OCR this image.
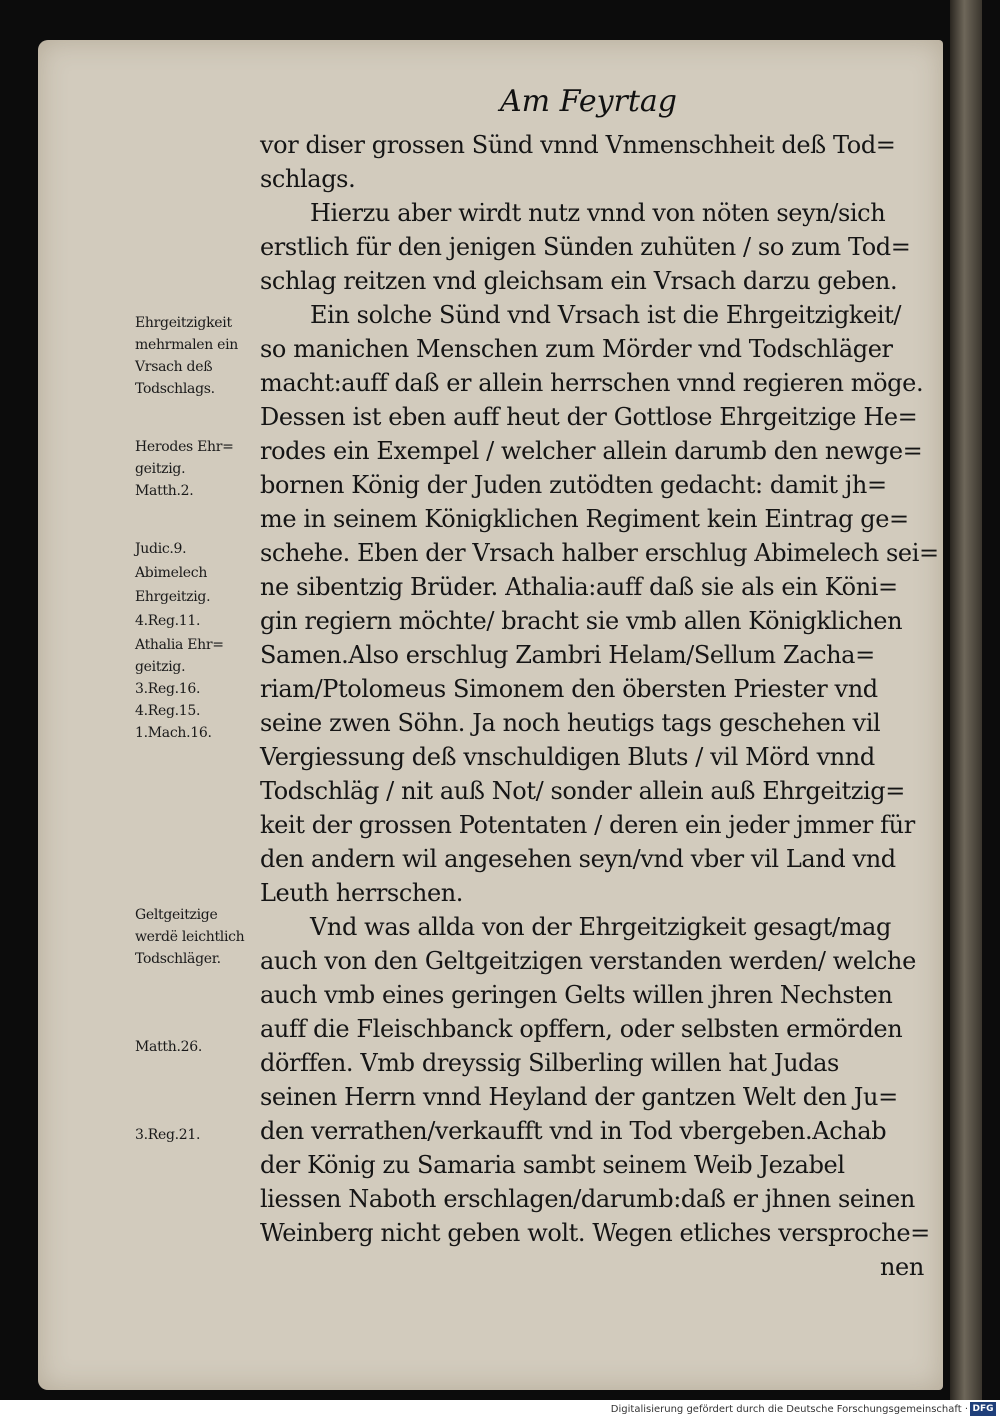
Am Feyrtag
vor diser grossen Sünd vnnd Vnmenschheit deß Tod=
schlags.
Hierzu aber wirdt nutz vnnd von nöten seyn/sich
erstlich für den jenigen Sünden zuhüten / so zum Tod=
schlag reitzen vnd gleichsam ein Vrsach darzu geben.
Ein solche Sünd vnd Vrsach ist die Ehrgeitzigkeit/
so manichen Menschen zum Mörder vnd Todschläger
macht:auff daß er allein herrschen vnnd regieren möge.
Dessen ist eben auff heut der Gottlose Ehrgeitzige He=
rodes ein Exempel / welcher allein darumb den newge=
bornen König der Juden zutödten gedacht: damit jh=
me in seinem Königklichen Regiment kein Eintrag ge=
schehe. Eben der Vrsach halber erschlug Abimelech sei=
ne sibentzig Brüder. Athalia:auff daß sie als ein Köni=
gin regiern möchte/ bracht sie vmb allen Königklichen
Samen.Also erschlug Zambri Helam/Sellum Zacha=
riam/Ptolomeus Simonem den öbersten Priester vnd
seine zwen Söhn. Ja noch heutigs tags geschehen vil
Vergiessung deß vnschuldigen Bluts / vil Mörd vnnd
Todschläg / nit auß Not/ sonder allein auß Ehrgeitzig=
keit der grossen Potentaten / deren ein jeder jmmer für
den andern wil angesehen seyn/vnd vber vil Land vnd
Leuth herrschen.
Vnd was allda von der Ehrgeitzigkeit gesagt/mag
auch von den Geltgeitzigen verstanden werden/ welche
auch vmb eines geringen Gelts willen jhren Nechsten
auff die Fleischbanck opffern, oder selbsten ermörden
dörffen. Vmb dreyssig Silberling willen hat Judas
seinen Herrn vnnd Heyland der gantzen Welt den Ju=
den verrathen/verkaufft vnd in Tod vbergeben.Achab
der König zu Samaria sambt seinem Weib Jezabel
liessen Naboth erschlagen/darumb:daß er jhnen seinen
Weinberg nicht geben wolt. Wegen etliches versproche=
nen
Ehrgeitzigkeit
mehrmalen ein
Vrsach deß
Todschlags.
Herodes Ehr=
geitzig.
Matth.2.
Judic.9.
Abimelech
Ehrgeitzig.
4.Reg.11.
Athalia Ehr=
geitzig.
3.Reg.16.
4.Reg.15.
1.Mach.16.
Geltgeitzige
werdë leichtlich
Todschläger.
Matth.26.
3.Reg.21.
Digitalisierung gefördert durch die Deutsche Forschungsgemeinschaft · DFG
